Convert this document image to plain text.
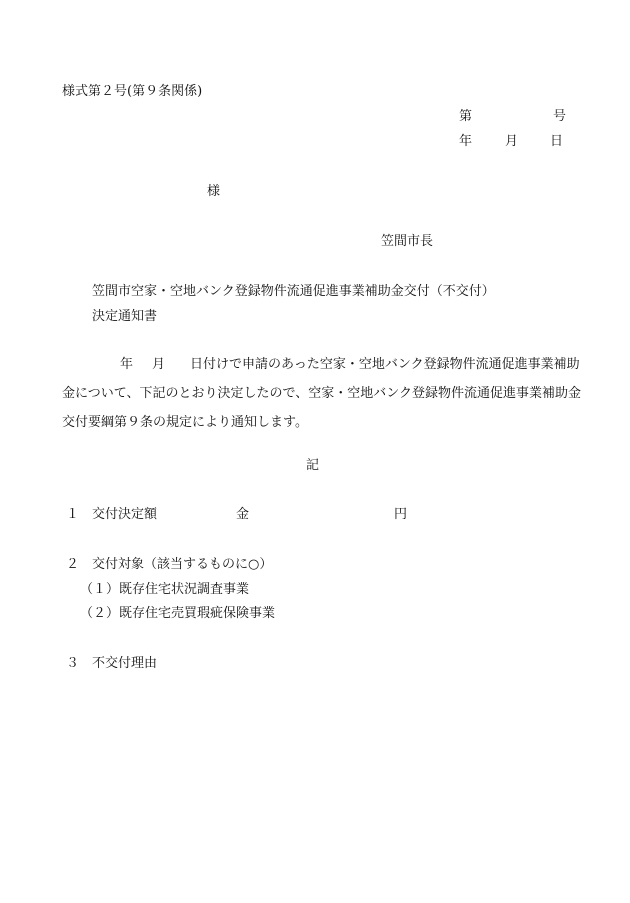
様式第２号(第９条関係)
第	号
年	月 日
様
笠間市長
笠間市空家・空地バンク登録物件流通促進事業補助金交付（不交付）
決定通知書
年 月 日付けで申請のあった空家・空地バンク登録物件流通促進事業補助金について、下記のとおり決定したので、空家・空地バンク登録物件流通促進事業補助金交付要綱第９条の規定により通知します。
記
１ 交付決定額	金	円
２ 交付対象（該当するものに○）
（１）既存住宅状況調査事業
（２）既存住宅売買瑕疵保険事業
３ 不交付理由
